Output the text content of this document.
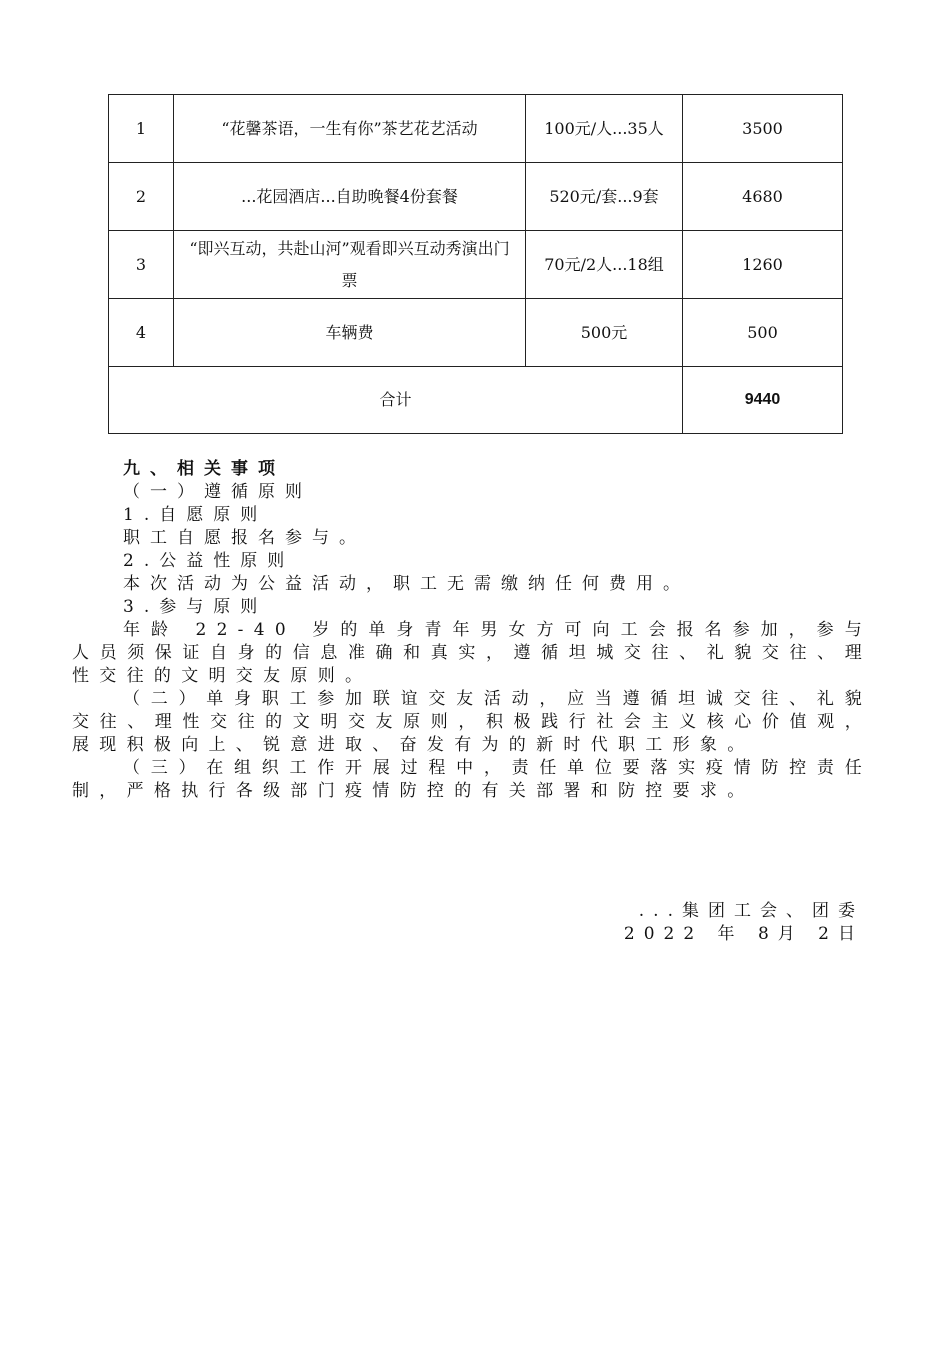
1	“花馨茶语，一生有你”茶艺花艺活动	100元/人...35人	3500
2	...花园酒店...自助晚餐4份套餐	520元/套...9套	4680
3	“即兴互动，共赴山河”观看即兴互动秀演出门票	70元/2人...18组	1260
4	车辆费	500元	500
合计			9440
九、相关事项
（一）遵循原则
1.自愿原则
职工自愿报名参与。
2.公益性原则
本次活动为公益活动，职工无需缴纳任何费用。
3.参与原则
年龄 22-40 岁的单身青年男女方可向工会报名参加，参与人员须保证自身的信息准确和真实，遵循坦城交往、礼貌交往、理性交往的文明交友原则。
（二）单身职工参加联谊交友活动，应当遵循坦诚交往、礼貌交往、理性交往的文明交友原则，积极践行社会主义核心价值观，展现积极向上、锐意进取、奋发有为的新时代职工形象。
（三）在组织工作开展过程中，责任单位要落实疫情防控责任制，严格执行各级部门疫情防控的有关部署和防控要求。
...集团工会、团委
2022 年 8月 2日
